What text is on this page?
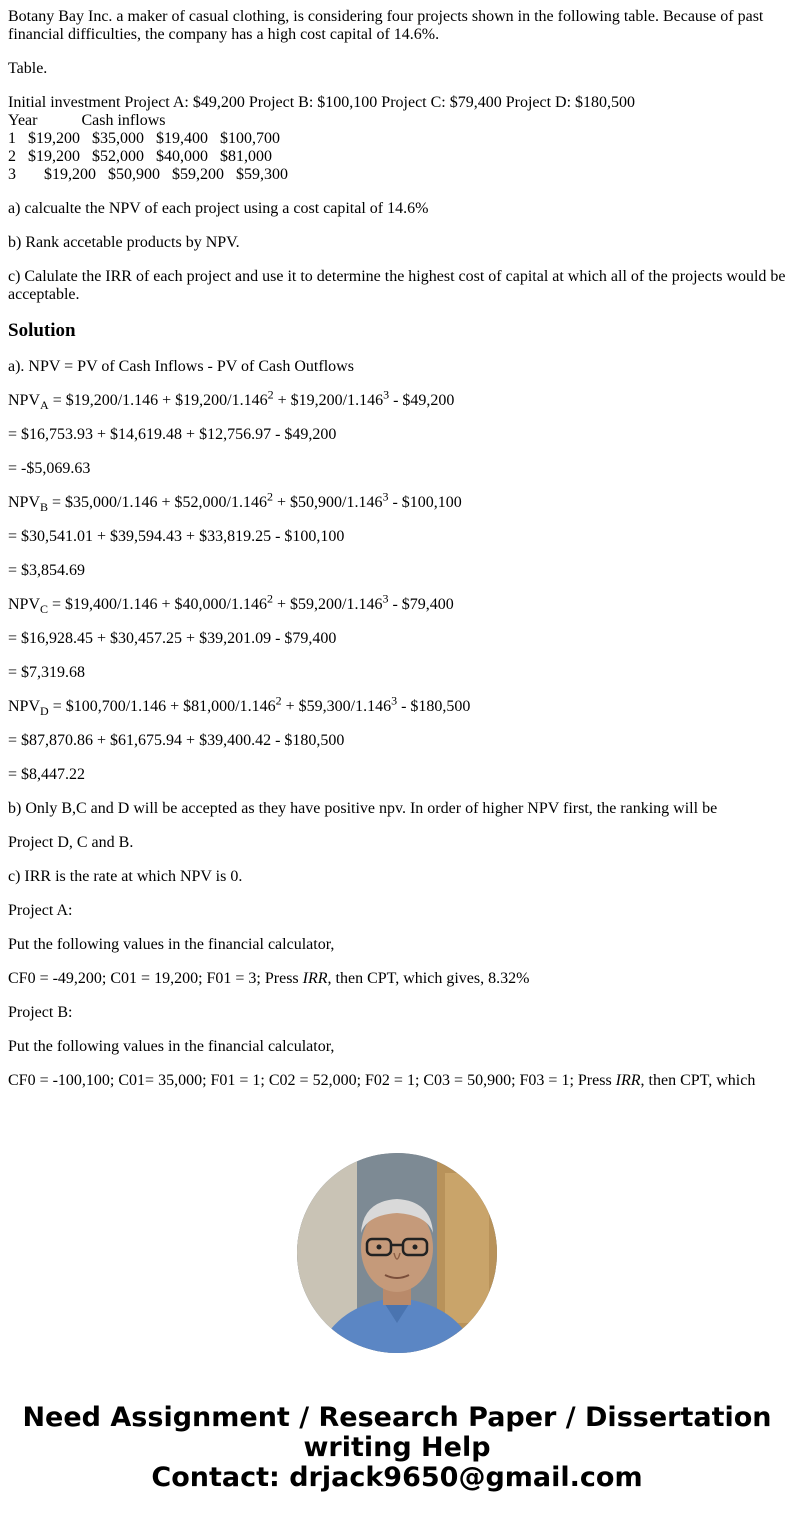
Botany Bay Inc. a maker of casual clothing, is considering four projects shown in the following table. Because of past financial difficulties, the company has a high cost capital of 14.6%.

Table.

Initial investment Project A: $49,200 Project B: $100,100 Project C: $79,400 Project D: $180,500
Year           Cash inflows
1   $19,200   $35,000   $19,400   $100,700
2   $19,200   $52,000   $40,000   $81,000
3       $19,200   $50,900   $59,200   $59,300

a) calcualte the NPV of each project using a cost capital of 14.6%

b) Rank accetable products by NPV.

c) Calulate the IRR of each project and use it to determine the highest cost of capital at which all of the projects would be acceptable.

Solution

a). NPV = PV of Cash Inflows - PV of Cash Outflows

$NPV_A$ = $19,200/1.146 + $\$19,200/1.146^2$ + $\$19,200/1.146^3$ - $49,200

= $16,753.93 + $14,619.48 + $12,756.97 - $49,200

= -$5,069.63

$NPV_B$ = $35,000/1.146 + $\$52,000/1.146^2$ + $\$50,900/1.146^3$ - $100,100

= $30,541.01 + $39,594.43 + $33,819.25 - $100,100

= $3,854.69

$NPV_C$ = $19,400/1.146 + $\$40,000/1.146^2$ + $\$59,200/1.146^3$ - $79,400

= $16,928.45 + $30,457.25 + $39,201.09 - $79,400

= $7,319.68

$NPV_D$ = $100,700/1.146 + $\$81,000/1.146^2$ + $\$59,300/1.146^3$ - $180,500

= $87,870.86 + $61,675.94 + $39,400.42 - $180,500

= $8,447.22

b) Only B,C and D will be accepted as they have positive npv. In order of higher NPV first, the ranking will be

Project D, C and B.

c) IRR is the rate at which NPV is 0.

Project A:

Put the following values in the financial calculator,

CF0 = -49,200; C01 = 19,200; F01 = 3; Press IRR, then CPT, which gives, 8.32%

Project B:

Put the following values in the financial calculator,

CF0 = -100,100; C01= 35,000; F01 = 1; C02 = 52,000; F02 = 1; C03 = 50,900; F03 = 1; Press IRR, then CPT, which

Need Assignment / Research Paper / Dissertation
writing Help
Contact: drjack9650@gmail.com
